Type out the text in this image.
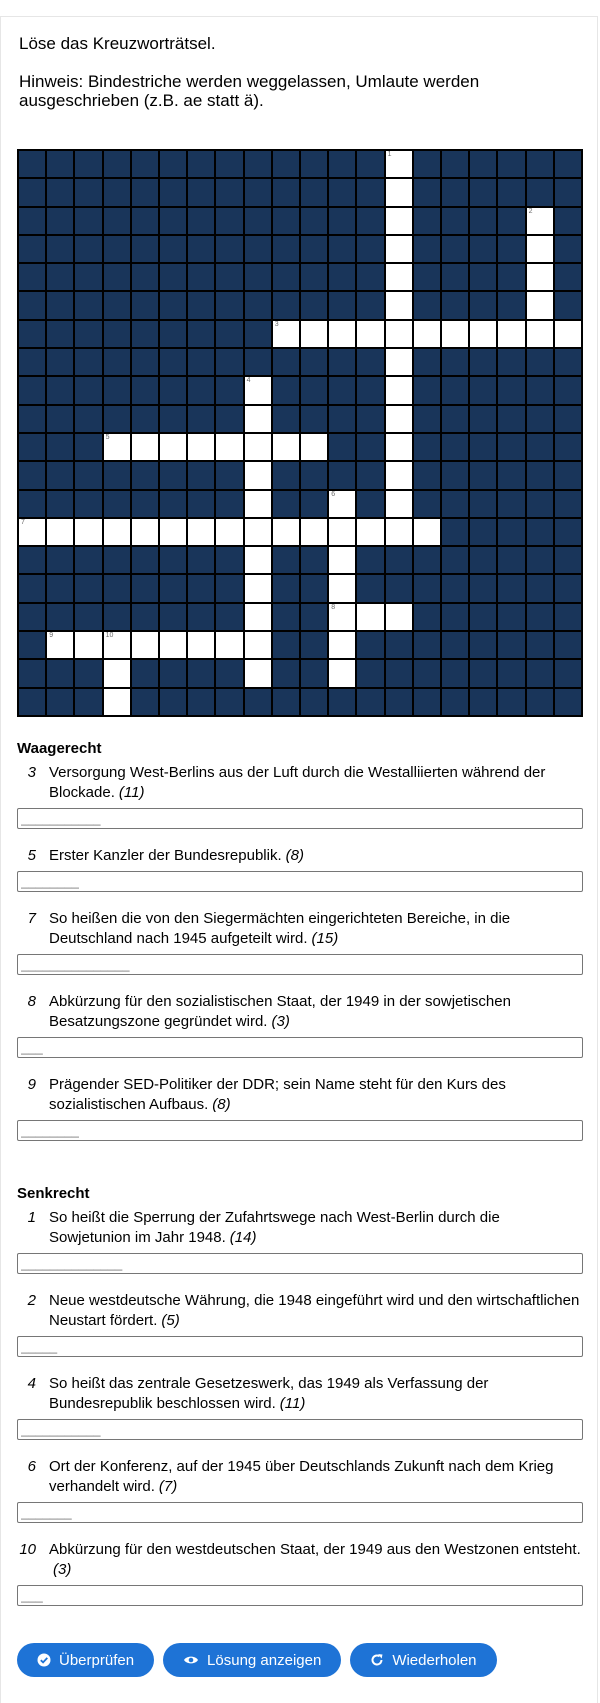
Löse das Kreuzworträtsel.

Hinweis: Bindestriche werden weggelassen, Umlaute werden ausgeschrieben (z.B. ae statt ä).

1
2
3
4
5
6
7
8
9	10
Waagerecht
3 Versorgung West-Berlins aus der Luft durch die Westalliierten während der Blockade. (11)
___________
5 Erster Kanzler der Bundesrepublik. (8)
________
7 So heißen die von den Siegermächten eingerichteten Bereiche, in die Deutschland nach 1945 aufgeteilt wird. (15)
_______________
8 Abkürzung für den sozialistischen Staat, der 1949 in der sowjetischen Besatzungszone gegründet wird. (3)
___
9 Prägender SED-Politiker der DDR; sein Name steht für den Kurs des sozialistischen Aufbaus. (8)
________
Senkrecht
1 So heißt die Sperrung der Zufahrtswege nach West-Berlin durch die Sowjetunion im Jahr 1948. (14)
______________
2 Neue westdeutsche Währung, die 1948 eingeführt wird und den wirtschaftlichen Neustart fördert. (5)
_____
4 So heißt das zentrale Gesetzeswerk, das 1949 als Verfassung der Bundesrepublik beschlossen wird. (11)
___________
6 Ort der Konferenz, auf der 1945 über Deutschlands Zukunft nach dem Krieg verhandelt wird. (7)
_______
10 Abkürzung für den westdeutschen Staat, der 1949 aus den Westzonen entsteht.(3)
___
Überprüfen	Lösung anzeigen	Wiederholen
